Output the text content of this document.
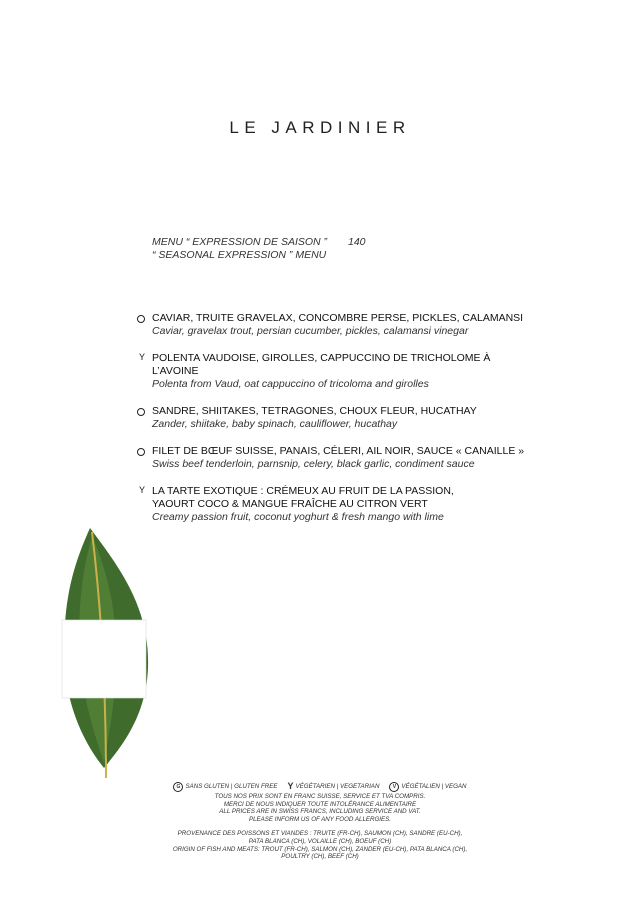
LE JARDINIER
MENU “ EXPRESSION DE SAISON ”	140
“ SEASONAL EXPRESSION ” MENU
CAVIAR, TRUITE GRAVELAX, CONCOMBRE PERSE, PICKLES, CALAMANSI
Caviar, gravelax trout, persian cucumber, pickles, calamansi vinegar
Y POLENTA VAUDOISE, GIROLLES, CAPPUCCINO DE TRICHOLOME À L’AVOINE
Polenta from Vaud, oat cappuccino of tricoloma and girolles
SANDRE, SHIITAKES, TETRAGONES, CHOUX FLEUR, HUCATHAY
Zander, shiitake, baby spinach, cauliflower, hucathay
FILET DE BŒUF SUISSE, PANAIS, CÉLERI, AIL NOIR, SAUCE « CANAILLE »
Swiss beef tenderloin, parnsnip, celery, black garlic, condiment sauce
Y LA TARTE EXOTIQUE : CRÉMEUX AU FRUIT DE LA PASSION,
YAOURT COCO & MANGUE FRAÎCHE AU CITRON VERT
Creamy passion fruit, coconut yoghurt & fresh mango with lime
G SANS GLUTEN | GLUTEN FREE Y VÉGÉTARIEN | VEGETARIAN	V VÉGÉTALIEN | VEGAN
TOUS NOS PRIX SONT EN FRANC SUISSE, SERVICE ET TVA COMPRIS.
MERCI DE NOUS INDIQUER TOUTE INTOLÉRANCE ALIMENTAIRE
ALL PRICES ARE IN SWISS FRANCS, INCLUDING SERVICE AND VAT.
PLEASE INFORM US OF ANY FOOD ALLERGIES.
PROVENANCE DES POISSONS ET VIANDES : TRUITE (FR-CH), SAUMON (CH), SANDRE (EU-CH),
PATA BLANCA (CH), VOLAILLE (CH), BOEUF (CH)
ORIGIN OF FISH AND MEATS: TROUT (FR-CH), SALMON (CH), ZANDER (EU-CH), PATA BLANCA (CH),
POULTRY (CH), BEEF (CH)
